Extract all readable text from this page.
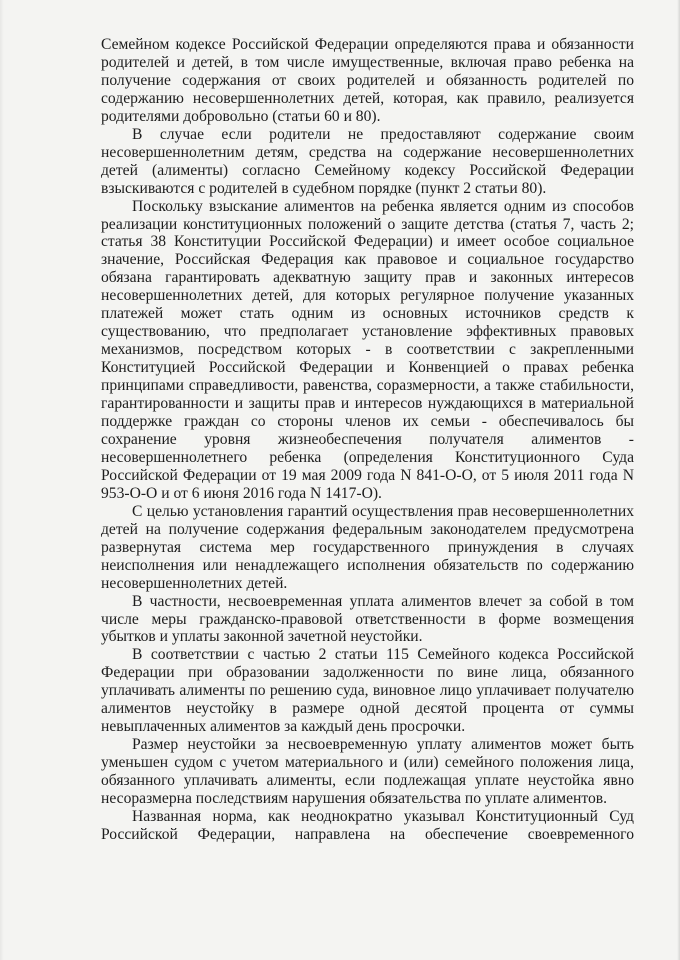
Семейном кодексе Российской Федерации определяются права и обязанности родителей и детей, в том числе имущественные, включая право ребенка на получение содержания от своих родителей и обязанность родителей по содержанию несовершеннолетних детей, которая, как правило, реализуется родителями добровольно (статьи 60 и 80).

В случае если родители не предоставляют содержание своим несовершеннолетним детям, средства на содержание несовершеннолетних детей (алименты) согласно Семейному кодексу Российской Федерации взыскиваются с родителей в судебном порядке (пункт 2 статьи 80).

Поскольку взыскание алиментов на ребенка является одним из способов реализации конституционных положений о защите детства (статья 7, часть 2; статья 38 Конституции Российской Федерации) и имеет особое социальное значение, Российская Федерация как правовое и социальное государство обязана гарантировать адекватную защиту прав и законных интересов несовершеннолетних детей, для которых регулярное получение указанных платежей может стать одним из основных источников средств к существованию, что предполагает установление эффективных правовых механизмов, посредством которых - в соответствии с закрепленными Конституцией Российской Федерации и Конвенцией о правах ребенка принципами справедливости, равенства, соразмерности, а также стабильности, гарантированности и защиты прав и интересов нуждающихся в материальной поддержке граждан со стороны членов их семьи - обеспечивалось бы сохранение уровня жизнеобеспечения получателя алиментов - несовершеннолетнего ребенка (определения Конституционного Суда Российской Федерации от 19 мая 2009 года N 841-О-О, от 5 июля 2011 года N 953-О-О и от 6 июня 2016 года N 1417-О).

С целью установления гарантий осуществления прав несовершеннолетних детей на получение содержания федеральным законодателем предусмотрена развернутая система мер государственного принуждения в случаях неисполнения или ненадлежащего исполнения обязательств по содержанию несовершеннолетних детей.

В частности, несвоевременная уплата алиментов влечет за собой в том числе меры гражданско-правовой ответственности в форме возмещения убытков и уплаты законной зачетной неустойки.

В соответствии с частью 2 статьи 115 Семейного кодекса Российской Федерации при образовании задолженности по вине лица, обязанного уплачивать алименты по решению суда, виновное лицо уплачивает получателю алиментов неустойку в размере одной десятой процента от суммы невыплаченных алиментов за каждый день просрочки.

Размер неустойки за несвоевременную уплату алиментов может быть уменьшен судом с учетом материального и (или) семейного положения лица, обязанного уплачивать алименты, если подлежащая уплате неустойка явно несоразмерна последствиям нарушения обязательства по уплате алиментов.

Названная норма, как неоднократно указывал Конституционный Суд Российской Федерации, направлена на обеспечение своевременного
